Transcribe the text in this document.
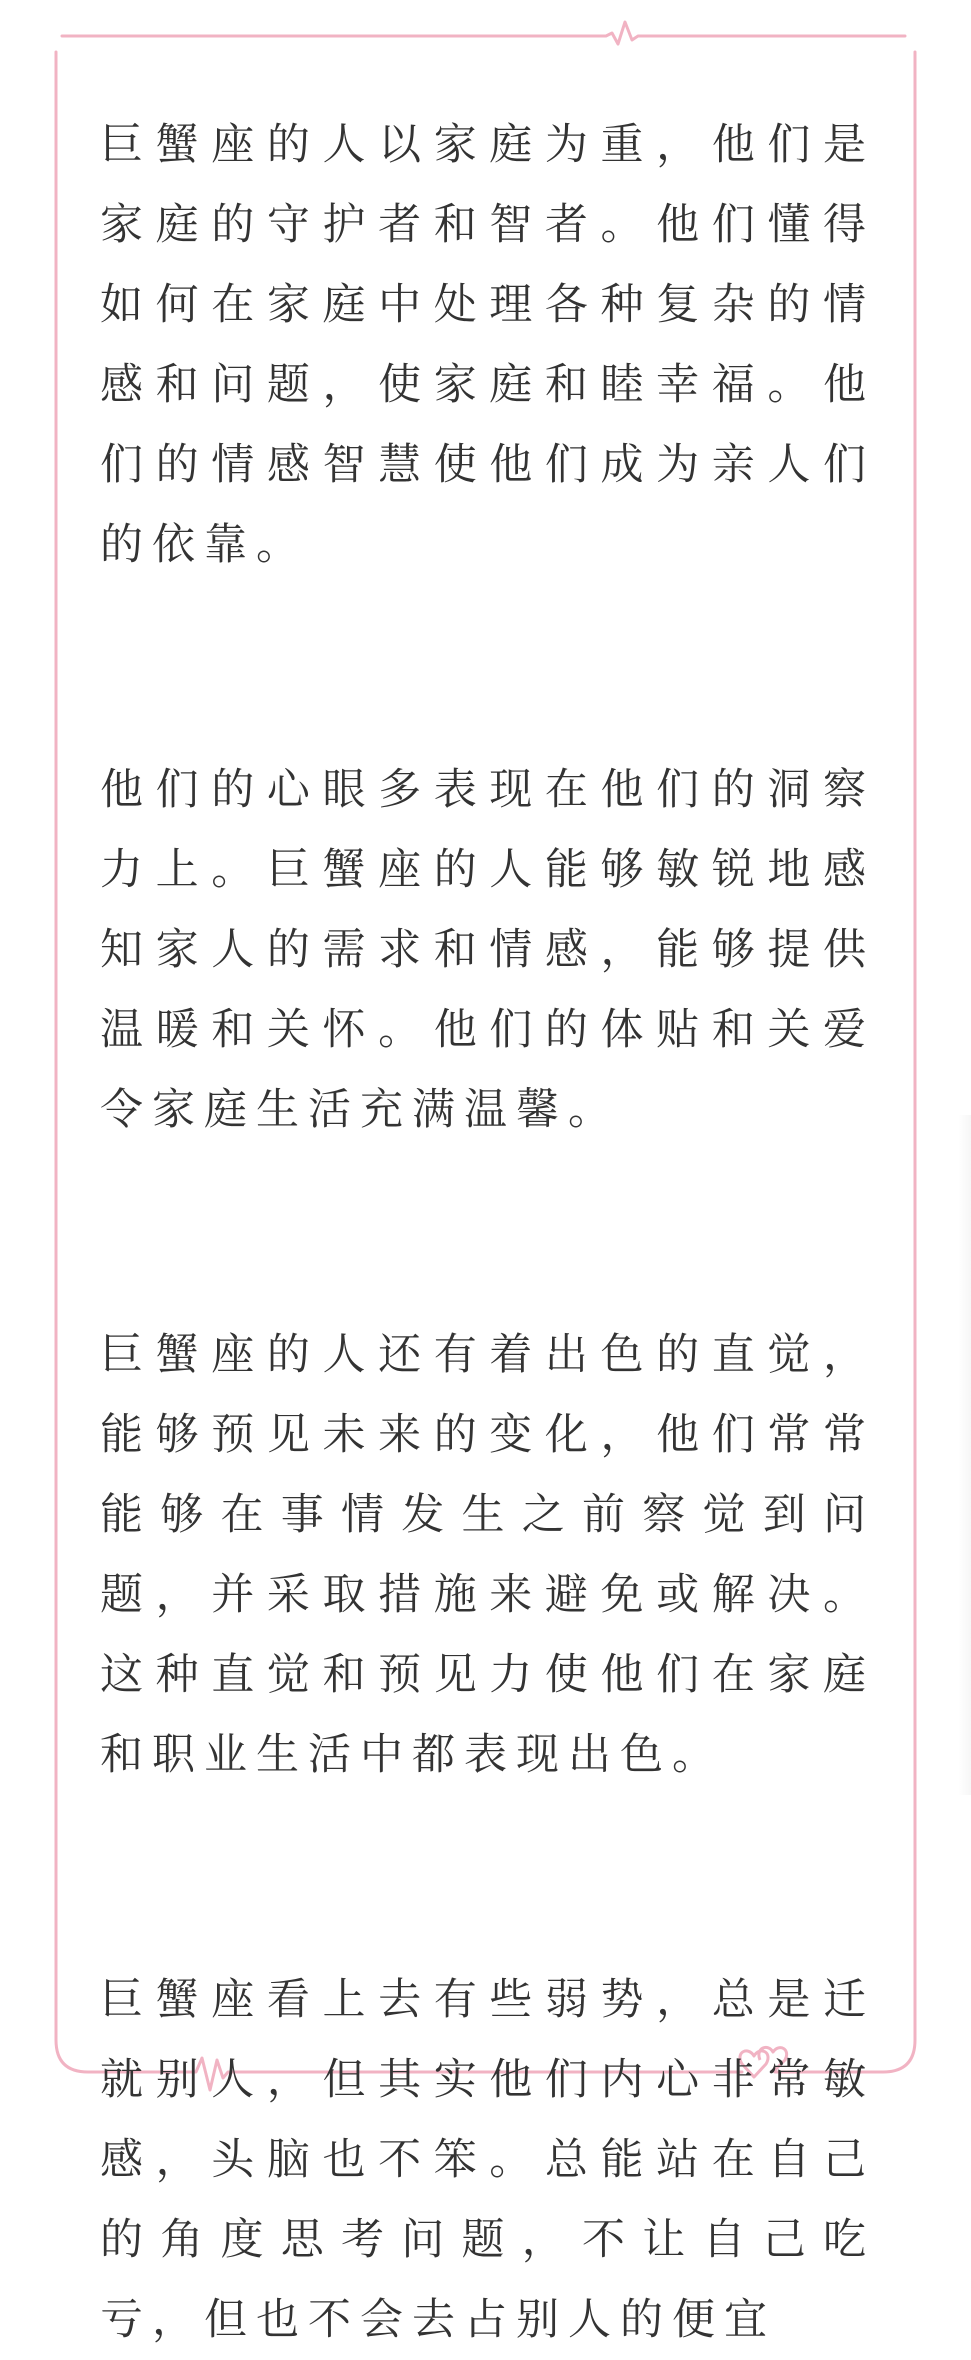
巨蟹座的人以家庭为重，他们是家庭的守护者和智者。他们懂得如何在家庭中处理各种复杂的情感和问题，使家庭和睦幸福。他们的情感智慧使他们成为亲人们的依靠。

他们的心眼多表现在他们的洞察力上。巨蟹座的人能够敏锐地感知家人的需求和情感，能够提供温暖和关怀。他们的体贴和关爱令家庭生活充满温馨。

巨蟹座的人还有着出色的直觉，能够预见未来的变化，他们常常能够在事情发生之前察觉到问题，并采取措施来避免或解决。这种直觉和预见力使他们在家庭和职业生活中都表现出色。

巨蟹座看上去有些弱势，总是迁就别人，但其实他们内心非常敏感，头脑也不笨。总能站在自己的角度思考问题，不让自己吃亏，但也不会去占别人的便宜
